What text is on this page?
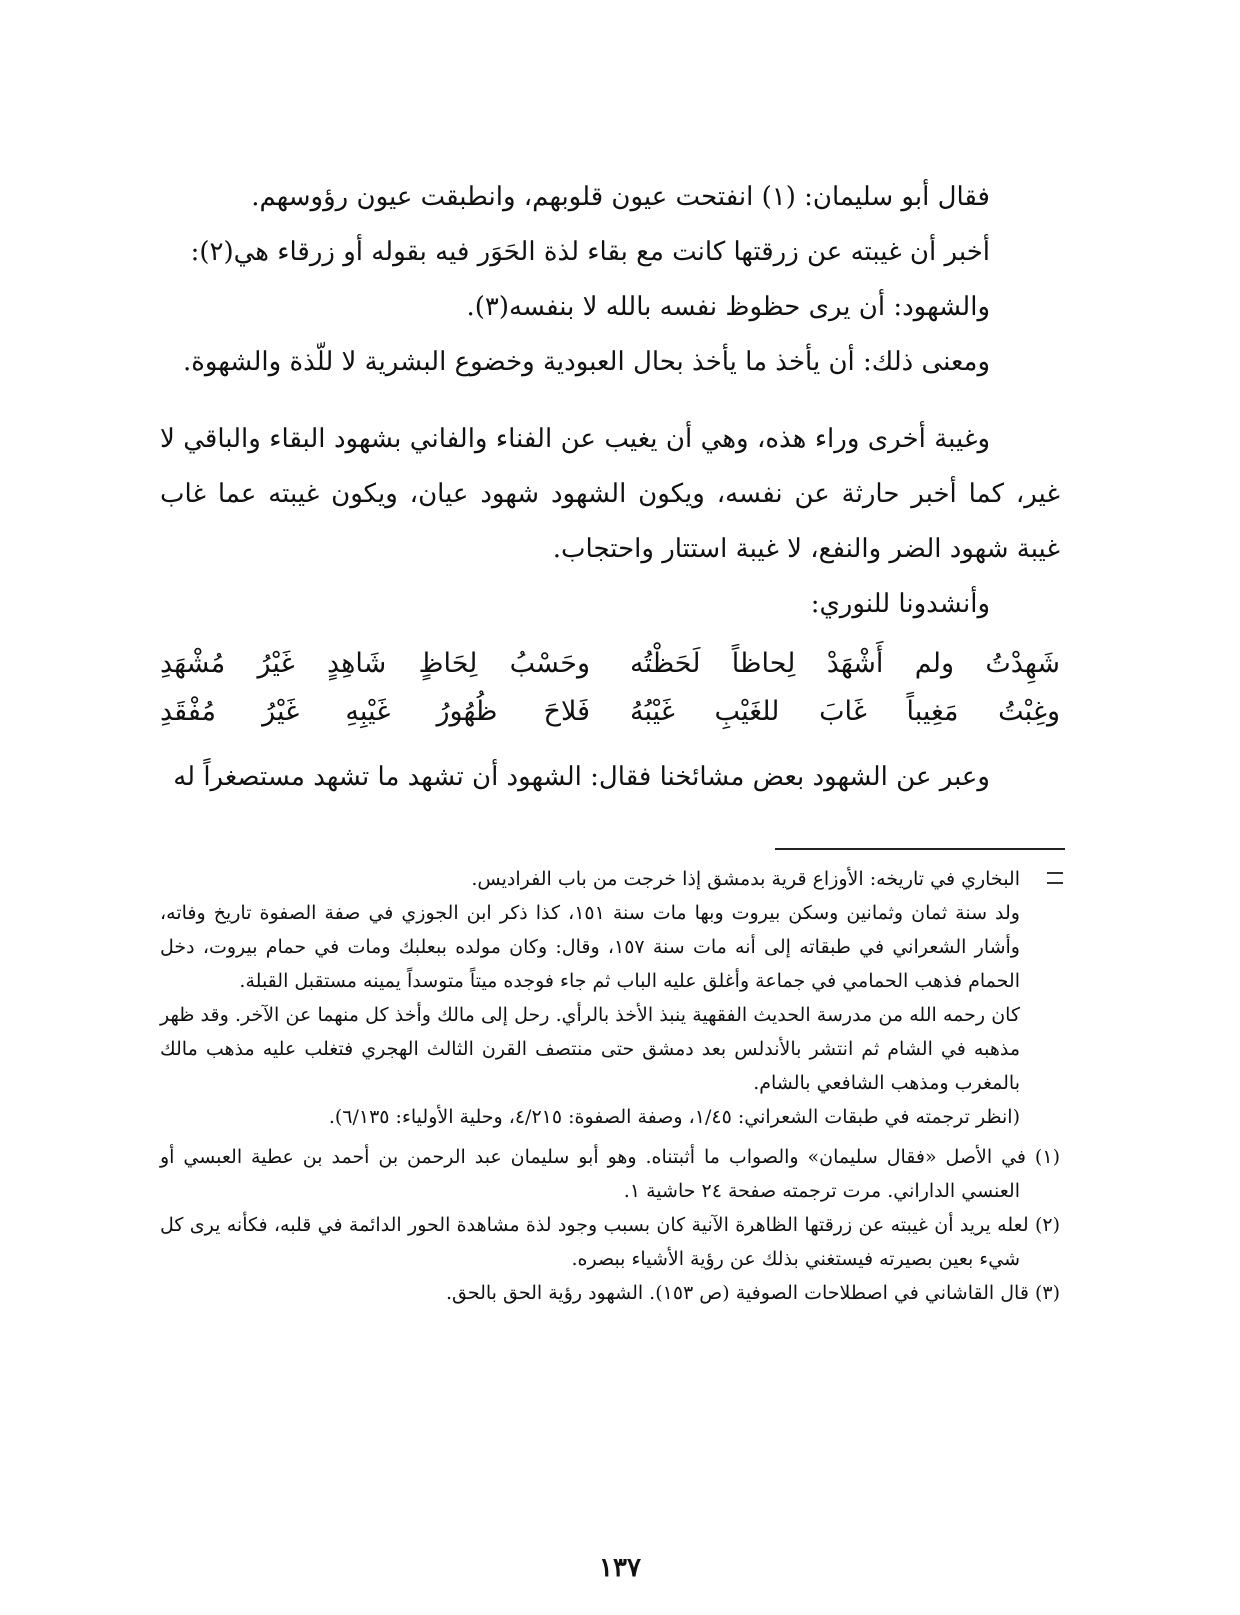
فقال أبو سليمان: (١) انفتحت عيون قلوبهم، وانطبقت عيون رؤوسهم.

أخبر أن غيبته عن زرقتها كانت مع بقاء لذة الحَوَر فيه بقوله أو زرقاء هي(٢):

والشهود: أن يرى حظوظ نفسه بالله لا بنفسه(٣).

ومعنى ذلك: أن يأخذ ما يأخذ بحال العبودية وخضوع البشرية لا للّذة والشهوة.

وغيبة أخرى وراء هذه، وهي أن يغيب عن الفناء والفاني بشهود البقاء والباقي لا غير، كما أخبر حارثة عن نفسه، ويكون الشهود شهود عيان، ويكون غيبته عما غاب غيبة شهود الضر والنفع، لا غيبة استتار واحتجاب.

وأنشدونا للنوري:

شَهِدْتُ ولم أَشْهَدْ لِحاظاً لَحَظْتُه
وحَسْبُ لِحَاظٍ شَاهِدٍ غَيْرُ مُشْهَدِ
وغِبْتُ مَغِيباً غَابَ للغَيْبِ غَيْبُهُ
فَلاحَ ظُهُورُ غَيْبِهِ غَيْرُ مُفْقَدِ

وعبر عن الشهود بعض مشائخنا فقال: الشهود أن تشهد ما تشهد مستصغراً له

البخاري في تاريخه: الأوزاع قرية بدمشق إذا خرجت من باب الفراديس.

ولد سنة ثمان وثمانين وسكن بيروت وبها مات سنة ١٥١، كذا ذكر ابن الجوزي في صفة الصفوة تاريخ وفاته، وأشار الشعراني في طبقاته إلى أنه مات سنة ١٥٧، وقال: وكان مولده ببعلبك ومات في حمام بيروت، دخل الحمام فذهب الحمامي في جماعة وأغلق عليه الباب ثم جاء فوجده ميتاً متوسداً يمينه مستقبل القبلة.

كان رحمه الله من مدرسة الحديث الفقهية ينبذ الأخذ بالرأي. رحل إلى مالك وأخذ كل منهما عن الآخر. وقد ظهر مذهبه في الشام ثم انتشر بالأندلس بعد دمشق حتى منتصف القرن الثالث الهجري فتغلب عليه مذهب مالك بالمغرب ومذهب الشافعي بالشام.

(انظر ترجمته في طبقات الشعراني: ١/٤٥، وصفة الصفوة: ٤/٢١٥، وحلية الأولياء: ٦/١٣٥).

(١) في الأصل «فقال سليمان» والصواب ما أثبتناه. وهو أبو سليمان عبد الرحمن بن أحمد بن عطية العبسي أو العنسي الداراني. مرت ترجمته صفحة ٢٤ حاشية ١.

(٢) لعله يريد أن غيبته عن زرقتها الظاهرة الآنية كان بسبب وجود لذة مشاهدة الحور الدائمة في قلبه، فكأنه يرى كل شيء بعين بصيرته فيستغني بذلك عن رؤية الأشياء ببصره.

(٣) قال القاشاني في اصطلاحات الصوفية (ص ١٥٣). الشهود رؤية الحق بالحق.

١٣٧
